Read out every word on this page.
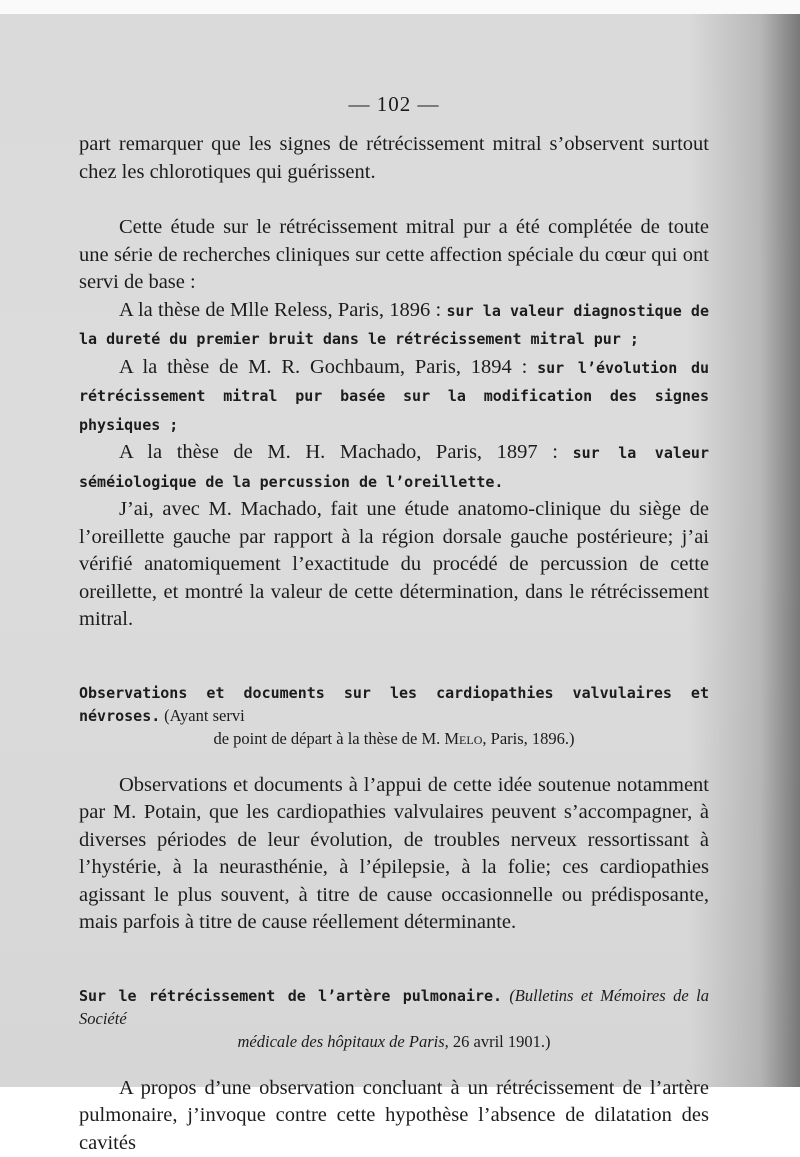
— 102 —

part remarquer que les signes de rétrécissement mitral s’observent surtout chez les chlorotiques qui guérissent.

Cette étude sur le rétrécissement mitral pur a été complétée de toute une série de recherches cliniques sur cette affection spéciale du cœur qui ont servi de base :

A la thèse de Mlle Reless, Paris, 1896 : sur la valeur diagnostique de la dureté du premier bruit dans le rétrécissement mitral pur ;

A la thèse de M. R. Gochbaum, Paris, 1894 : sur l’évolution du rétrécissement mitral pur basée sur la modification des signes physiques ;

A la thèse de M. H. Machado, Paris, 1897 : sur la valeur séméiologique de la percussion de l’oreillette.

J’ai, avec M. Machado, fait une étude anatomo-clinique du siège de l’oreillette gauche par rapport à la région dorsale gauche postérieure; j’ai vérifié anatomiquement l’exactitude du procédé de percussion de cette oreillette, et montré la valeur de cette détermination, dans le rétrécissement mitral.

Observations et documents sur les cardiopathies valvulaires et névroses. (Ayant servi
de point de départ à la thèse de M. Melo, Paris, 1896.)

Observations et documents à l’appui de cette idée soutenue notamment par M. Potain, que les cardiopathies valvulaires peuvent s’accompagner, à diverses périodes de leur évolution, de troubles nerveux ressortissant à l’hystérie, à la neurasthénie, à l’épilepsie, à la folie; ces cardiopathies agissant le plus souvent, à titre de cause occasionnelle ou prédisposante, mais parfois à titre de cause réellement déterminante.

Sur le rétrécissement de l’artère pulmonaire. (Bulletins et Mémoires de la Société
médicale des hôpitaux de Paris, 26 avril 1901.)

A propos d’une observation concluant à un rétrécissement de l’artère pulmonaire, j’invoque contre cette hypothèse l’absence de dilatation des cavités
